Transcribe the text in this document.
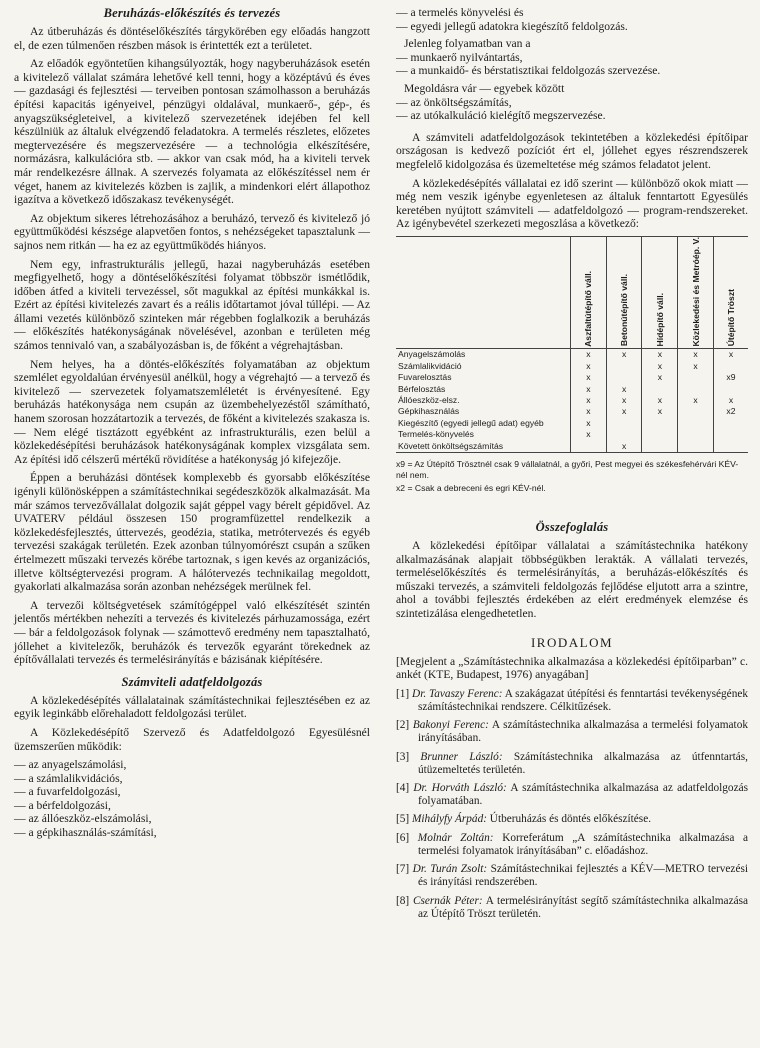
Beruházás-előkészítés és tervezés

Az útberuházás és döntéselőkészítés tárgykörében egy előadás hangzott el, de ezen túlmenően részben mások is érintették ezt a területet.

Az előadók egyöntetűen kihangsúlyozták, hogy nagyberuházások esetén a kivitelező vállalat számára lehetővé kell tenni, hogy a középtávú és éves — gazdasági és fejlesztési — terveiben pontosan számolhasson a beruházás építési kapacitás igényeivel, pénzügyi oldalával, munkaerő-, gép-, és anyagszükségleteivel, a kivitelező szervezetének idejében fel kell készülniük az általuk elvégzendő feladatokra. A termelés részletes, előzetes megtervezésére és megszervezésére — a technológia elkészítésére, normázásra, kalkulációra stb. — akkor van csak mód, ha a kiviteli tervek már rendelkezésre állnak. A szervezés folyamata az előkészítéssel nem ér véget, hanem az kivitelezés közben is zajlik, a mindenkori elért állapothoz igazítva a következő időszakasz tevékenységét.

Az objektum sikeres létrehozásához a beruházó, tervező és kivitelező jó együttműködési készsége alapvetően fontos, s nehézségeket tapasztalunk — sajnos nem ritkán — ha ez az együttműködés hiányos.

Nem egy, infrastrukturális jellegű, hazai nagyberuházás esetében megfigyelhető, hogy a döntéselőkészítési folyamat többször ismétlődik, időben átfed a kiviteli tervezéssel, sőt magukkal az építési munkákkal is. Ezért az építési kivitelezés zavart és a reális időtartamot jóval túllépi. — Az állami vezetés különböző szinteken már régebben foglalkozik a beruházás — előkészítés hatékonyságának növelésével, azonban e területen még számos tennivaló van, a szabályozásban is, de főként a végrehajtásban.

Nem helyes, ha a döntés-előkészítés folyamatában az objektum szemlélet egyoldalúan érvényesül anélkül, hogy a végrehajtó — a tervező és kivitelező — szervezetek folyamatszemléletét is érvényesítené. Egy beruházás hatékonysága nem csupán az üzembehelyezéstől számítható, hanem szorosan hozzátartozik a tervezés, de főként a kivitelezés szakasza is. — Nem elégé tisztázott egyébként az infrastrukturális, ezen belül a közlekedésépítési beruházások hatékonyságának komplex vizsgálata sem. Az építési idő célszerű mértékű rövidítése a hatékonyság jó kifejezője.

Éppen a beruházási döntések komplexebb és gyorsabb előkészítése igényli különösképpen a számítástechnikai segédeszközök alkalmazását. Ma már számos tervezővállalat dolgozik saját géppel vagy bérelt gépidővel. Az UVATERV például összesen 150 programfüzettel rendelkezik a közlekedésfejlesztés, úttervezés, geodézia, statika, metrótervezés és egyéb tervezési szakágak területén. Ezek azonban túlnyomórészt csupán a szűken értelmezett műszaki tervezés körébe tartoznak, s igen kevés az organizációs, illetve költségtervezési program. A hálótervezés technikailag megoldott, gyakorlati alkalmazása során azonban nehézségek merülnek fel.

A tervezői költségvetések számítógéppel való elkészítését szintén jelentős mértékben nehezíti a tervezés és kivitelezés párhuzamossága, ezért — bár a feldolgozások folynak — számottevő eredmény nem tapasztalható, jóllehet a kivitelezők, beruházók és tervezők egyaránt törekednek az építővállalati tervezés és termelésirányítás e bázisának kiépítésére.

Számviteli adatfeldolgozás

A közlekedésépítés vállalatainak számítástechnikai fejlesztésében ez az egyik leginkább előrehaladott feldolgozási terület.

A Közlekedésépítő Szervező és Adatfeldolgozó Egyesülésnél üzemszerűen működik:

— az anyagelszámolási,
— a számlalikvidációs,
— a fuvarfeldolgozási,
— a bérfeldolgozási,
— az állóeszköz-elszámolási,
— a gépkihasználás-számítási,
— a termelés könyvelési és
— egyedi jellegű adatokra kiegészítő feldolgozás.

Jelenleg folyamatban van a

— munkaerő nyilvántartás,
— a munkaidő- és bérstatisztikai feldolgozás szervezése.

Megoldásra vár — egyebek között

— az önköltségszámítás,
— az utókalkuláció kielégítő megszervezése.

A számviteli adatfeldolgozások tekintetében a közlekedési építőipar országosan is kedvező pozíciót ért el, jóllehet egyes részrendszerek megfelelő kidolgozása és üzemeltetése még számos feladatot jelent.

A közlekedésépítés vállalatai ez idő szerint — különböző okok miatt — még nem veszik igénybe egyenletesen az általuk fenntartott Egyesülés keretében nyújtott számviteli — adatfeldolgozó — program-rendszereket. Az igénybevétel szerkezeti megoszlása a következő:

	Aszfaltútépítő váll.	Betonútépítő váll.	Hídépítő váll.	Közlekedési és Metróép. V.	Útépítő Tröszt
Anyagelszámolás	x	x	x	x	x
Számlalikvidáció	x		x	x	
Fuvarelosztás	x		x		x9
Bérfelosztás	x	x			
Állóeszköz-elsz.	x	x	x	x	x
Gépkihasználás	x	x	x		x2
Kiegészítő (egyedi jellegű adat) egyéb	x				
Termelés-könyvelés	x				
Követett önköltségszámítás		x			
x9 = Az Útépítő Trösztnél csak 9 vállalatnál, a győri, Pest megyei és székesfehérvári KÉV-nél nem.
x2 = Csak a debreceni és egri KÉV-nél.
Összefoglalás

A közlekedési építőipar vállalatai a számítástechnika hatékony alkalmazásának alapjait többségükben lerakták. A vállalati tervezés, termeléselőkészítés és termelésirányítás, a beruházás-előkészítés és műszaki tervezés, a számviteli feldolgozás fejlődése eljutott arra a szintre, ahol a további fejlesztés érdekében az elért eredmények elemzése és szintetizálása elengedhetetlen.

IRODALOM

[Megjelent a „Számítástechnika alkalmazása a közlekedési építőiparban” c. ankét (KTE, Budapest, 1976) anyagában]

[1] Dr. Tavaszy Ferenc: A szakágazat útépítési és fenntartási tevékenységének számítástechnikai rendszere. Célkitűzések.
[2] Bakonyi Ferenc: A számítástechnika alkalmazása a termelési folyamatok irányításában.
[3] Brunner László: Számítástechnika alkalmazása az útfenntartás, útüzemeltetés területén.
[4] Dr. Horváth László: A számítástechnika alkalmazása az adatfeldolgozás folyamatában.
[5] Mihályfy Árpád: Útberuházás és döntés előkészítése.
[6] Molnár Zoltán: Korreferátum „A számítástechnika alkalmazása a termelési folyamatok irányításában” c. előadáshoz.
[7] Dr. Turán Zsolt: Számítástechnikai fejlesztés a KÉV—METRO tervezési és irányítási rendszerében.
[8] Csernák Péter: A termelésirányítást segítő számítástechnika alkalmazása az Útépítő Tröszt területén.
